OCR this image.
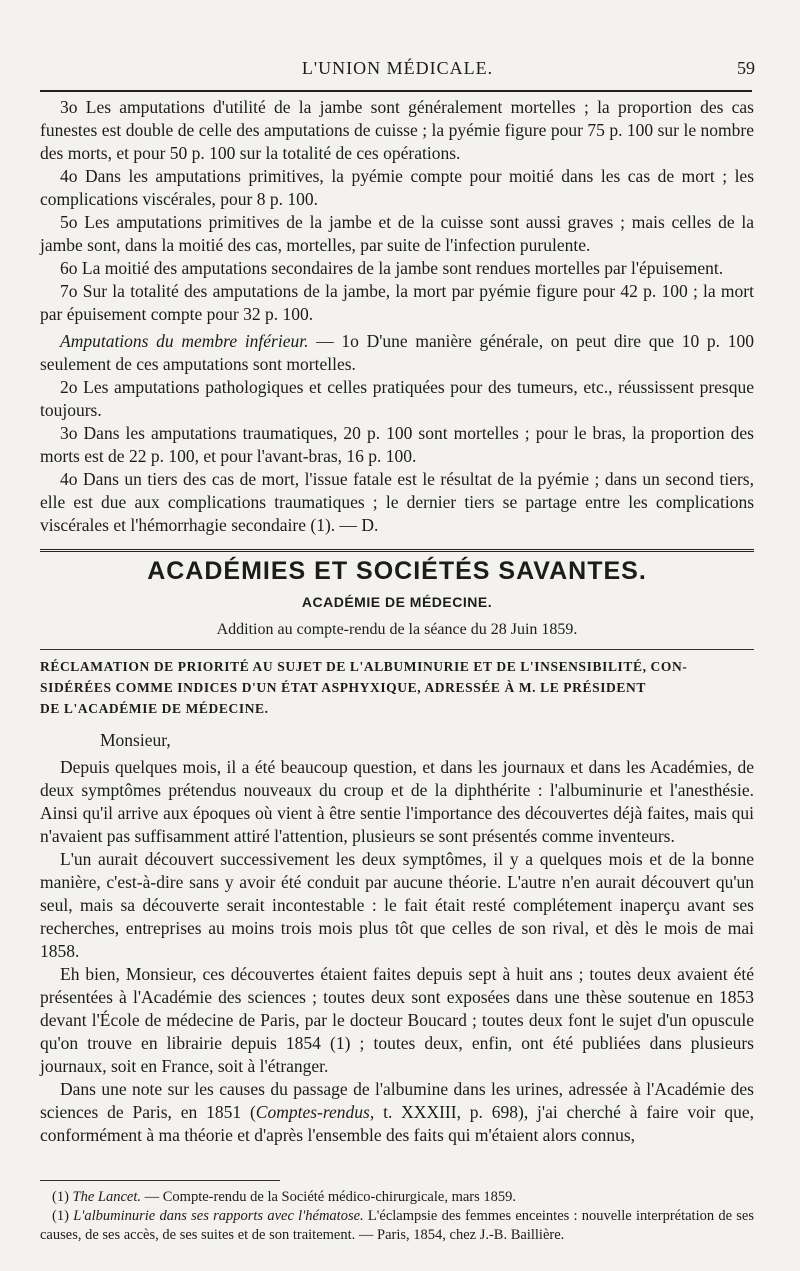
L'UNION MÉDICALE.	59

3o Les amputations d'utilité de la jambe sont généralement mortelles ; la proportion des cas funestes est double de celle des amputations de cuisse ; la pyémie figure pour 75 p. 100 sur le nombre des morts, et pour 50 p. 100 sur la totalité de ces opérations.

4o Dans les amputations primitives, la pyémie compte pour moitié dans les cas de mort ; les complications viscérales, pour 8 p. 100.

5o Les amputations primitives de la jambe et de la cuisse sont aussi graves ; mais celles de la jambe sont, dans la moitié des cas, mortelles, par suite de l'infection purulente.

6o La moitié des amputations secondaires de la jambe sont rendues mortelles par l'épuisement.

7o Sur la totalité des amputations de la jambe, la mort par pyémie figure pour 42 p. 100 ; la mort par épuisement compte pour 32 p. 100.

Amputations du membre inférieur. — 1o D'une manière générale, on peut dire que 10 p. 100 seulement de ces amputations sont mortelles.

2o Les amputations pathologiques et celles pratiquées pour des tumeurs, etc., réussissent presque toujours.

3o Dans les amputations traumatiques, 20 p. 100 sont mortelles ; pour le bras, la proportion des morts est de 22 p. 100, et pour l'avant-bras, 16 p. 100.

4o Dans un tiers des cas de mort, l'issue fatale est le résultat de la pyémie ; dans un second tiers, elle est due aux complications traumatiques ; le dernier tiers se partage entre les complications viscérales et l'hémorrhagie secondaire (1). — D.

ACADÉMIES ET SOCIÉTÉS SAVANTES.
ACADÉMIE DE MÉDECINE.
Addition au compte-rendu de la séance du 28 Juin 1859.
RÉCLAMATION DE PRIORITÉ AU SUJET DE L'ALBUMINURIE ET DE L'INSENSIBILITÉ, CON-
SIDÉRÉES COMME INDICES D'UN ÉTAT ASPHYXIQUE, ADRESSÉE À M. LE PRÉSIDENT
DE L'ACADÉMIE DE MÉDECINE.
Monsieur,

Depuis quelques mois, il a été beaucoup question, et dans les journaux et dans les Académies, de deux symptômes prétendus nouveaux du croup et de la diphthérite : l'albuminurie et l'anesthésie. Ainsi qu'il arrive aux époques où vient à être sentie l'importance des découvertes déjà faites, mais qui n'avaient pas suffisamment attiré l'attention, plusieurs se sont présentés comme inventeurs.

L'un aurait découvert successivement les deux symptômes, il y a quelques mois et de la bonne manière, c'est-à-dire sans y avoir été conduit par aucune théorie. L'autre n'en aurait découvert qu'un seul, mais sa découverte serait incontestable : le fait était resté complétement inaperçu avant ses recherches, entreprises au moins trois mois plus tôt que celles de son rival, et dès le mois de mai 1858.

Eh bien, Monsieur, ces découvertes étaient faites depuis sept à huit ans ; toutes deux avaient été présentées à l'Académie des sciences ; toutes deux sont exposées dans une thèse soutenue en 1853 devant l'École de médecine de Paris, par le docteur Boucard ; toutes deux font le sujet d'un opuscule qu'on trouve en librairie depuis 1854 (1) ; toutes deux, enfin, ont été publiées dans plusieurs journaux, soit en France, soit à l'étranger.

Dans une note sur les causes du passage de l'albumine dans les urines, adressée à l'Académie des sciences de Paris, en 1851 (Comptes-rendus, t. XXXIII, p. 698), j'ai cherché à faire voir que, conformément à ma théorie et d'après l'ensemble des faits qui m'étaient alors connus,

(1) The Lancet. — Compte-rendu de la Société médico-chirurgicale, mars 1859.

(1) L'albuminurie dans ses rapports avec l'hématose. L'éclampsie des femmes enceintes : nouvelle interprétation de ses causes, de ses accès, de ses suites et de son traitement. — Paris, 1854, chez J.-B. Baillière.
